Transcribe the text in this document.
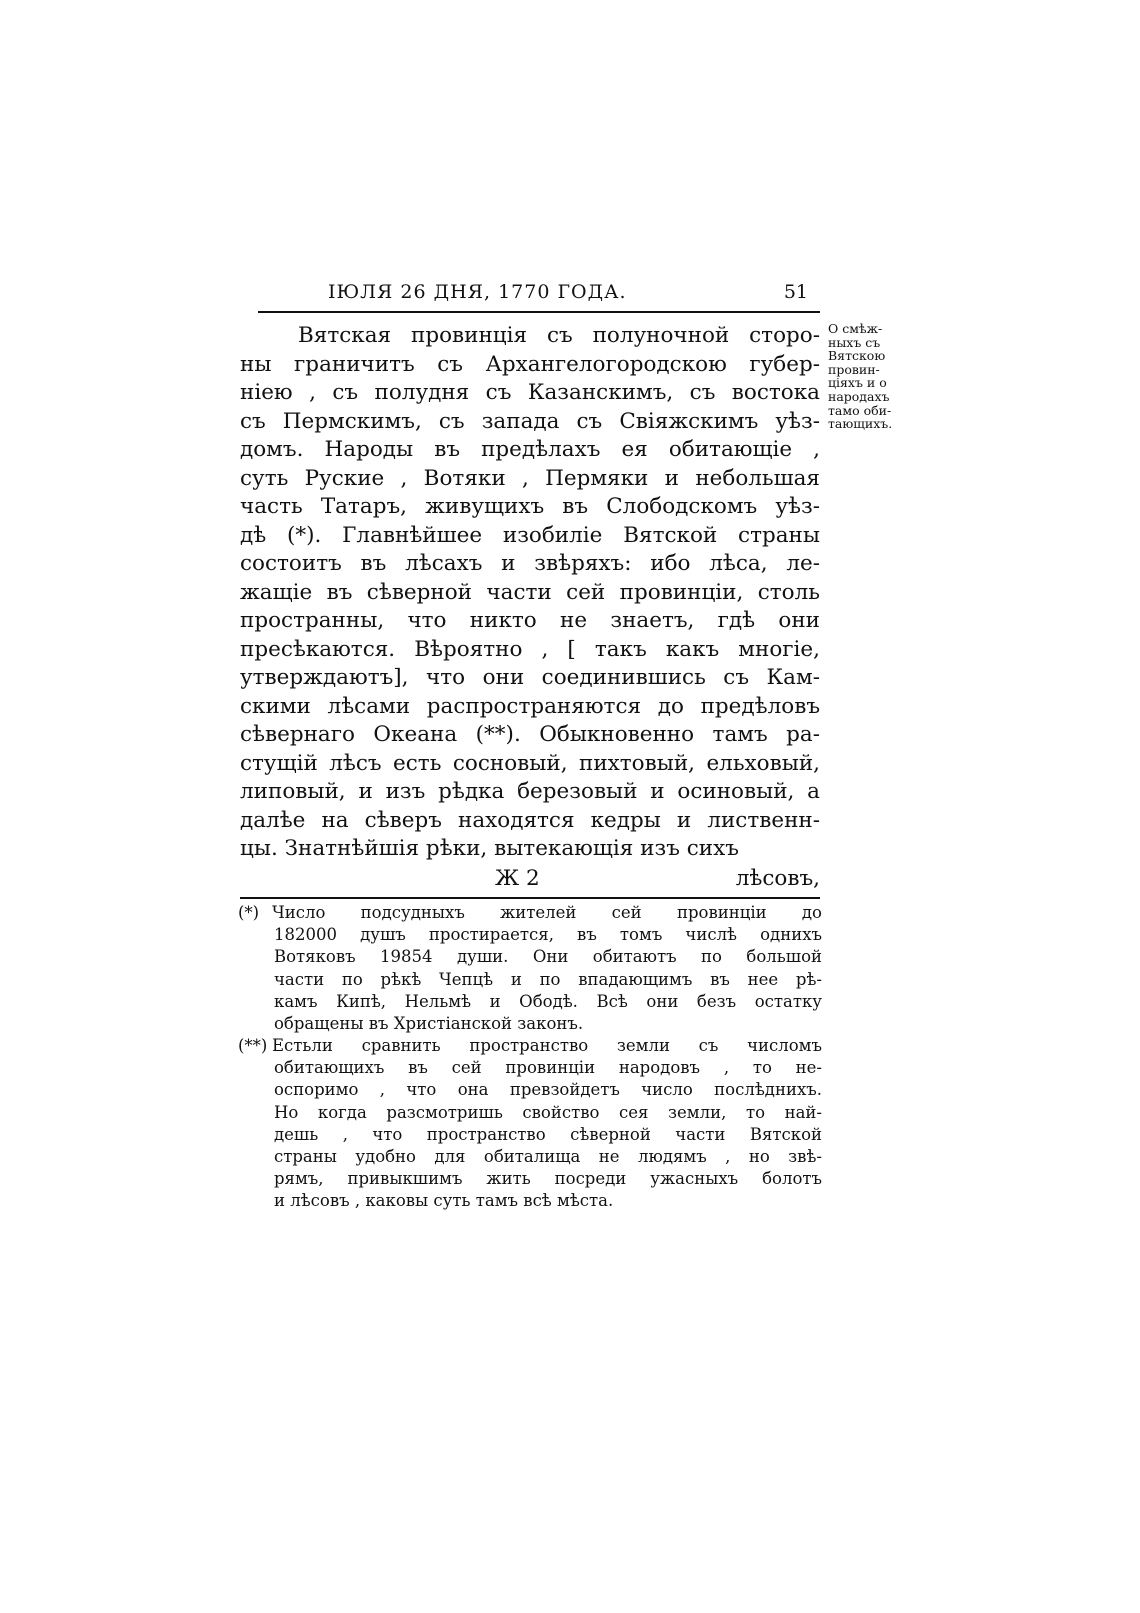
ІЮЛЯ 26 ДНЯ, 1770 ГОДА.	51
Вятская провинція съ полуночной сторо-
ны граничитъ съ Архангелогородскою губер-
ніею , съ полудня съ Казанскимъ, съ востока
съ Пермскимъ, съ запада съ Свіяжскимъ уѣз-
домъ. Народы въ предѣлахъ ея обитающіе ,
суть Руские , Вотяки , Пермяки и небольшая
часть Татаръ, живущихъ въ Слободскомъ уѣз-
дѣ (*). Главнѣйшее изобиліе Вятской страны
состоитъ въ лѣсахъ и звѣряхъ: ибо лѣса, ле-
жащіе въ сѣверной части сей провинціи, столь
пространны, что никто не знаетъ, гдѣ они
пресѣкаются. Вѣроятно , [ такъ какъ многіе,
утверждаютъ], что они соединившись съ Кам-
скими лѣсами распространяются до предѣловъ
сѣвернаго Океана (**). Обыкновенно тамъ ра-
стущій лѣсъ есть сосновый, пихтовый, ельховый,
липовый, и изъ рѣдка березовый и осиновый, а
далѣе на сѣверъ находятся кедры и лиственн-
цы. Знатнѣйшія рѣки, вытекающія изъ сихъ
О смѣж-
ныхъ съ
Вятскою
провин-
ціяхъ и о
народахъ
тамо оби-
тающихъ.
Ж 2	лѣсовъ,
(*) Число подсудныхъ жителей сей провинціи до
182000 душъ простирается, въ томъ числѣ однихъ
Вотяковъ 19854 души. Они обитаютъ по большой
части по рѣкѣ Чепцѣ и по впадающимъ въ нее рѣ-
камъ Кипѣ, Нельмѣ и Ободѣ. Всѣ они безъ остатку
обращены въ Христіанской законъ.
(**) Естьли сравнить пространство земли съ числомъ
обитающихъ въ сей провинціи народовъ , то не-
оспоримо , что она превзойдетъ число послѣднихъ.
Но когда разсмотришь свойство сея земли, то най-
дешь , что пространство сѣверной части Вятской
страны удобно для обиталища не людямъ , но звѣ-
рямъ, привыкшимъ жить посреди ужасныхъ болотъ
и лѣсовъ , каковы суть тамъ всѣ мѣста.
